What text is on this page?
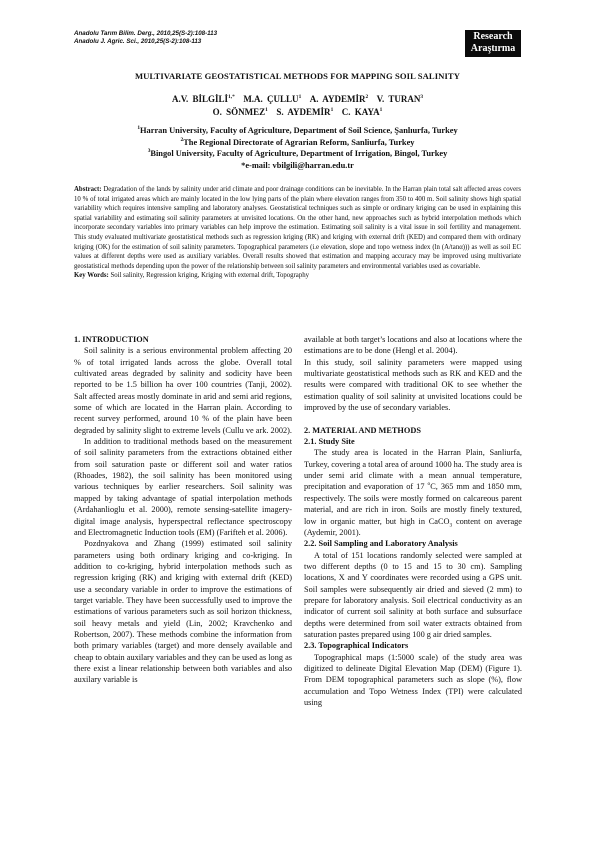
Anadolu Tarım Bilim. Derg., 2010,25(S-2):108-113
Anadolu J. Agric. Sci., 2010,25(S-2):108-113	Research
Araştırma
MULTIVARIATE GEOSTATISTICAL METHODS FOR MAPPING SOIL SALINITY
A.V. $BİLGİLİ^{1,*}$ M.A. ÇULLU$^1$ A. AYDEMİR$^2$ V. TURAN$^3$
O. SÖNMEZ$^1$ S. AYDEMİR$^1$ C. KAYA$^1$
$^1$Harran University, Faculty of Agriculture, Department of Soil Science, Şanlıurfa, Turkey
$^2$The Regional Directorate of Agrarian Reform, Sanliurfa, Turkey
$^3$Bingol University, Faculty of Agriculture, Department of Irrigation, Bingol, Turkey
*e-mail: vbilgili@harran.edu.tr
Abstract: Degradation of the lands by salinity under arid climate and poor drainage conditions can be inevitable. In the Harran plain total salt affected areas covers 10 % of total irrigated areas which are mainly located in the low lying parts of the plain where elevation ranges from 350 to 400 m. Soil salinity shows high spatial variability which requires intensive sampling and laboratory analyses. Geostatistical techniques such as simple or ordinary kriging can be used in explaining this spatial variability and estimating soil salinity parameters at unvisited locations. On the other hand, new approaches such as hybrid interpolation methods which incorporate secondary variables into primary variables can help improve the estimation. Estimating soil salinity is a vital issue in soil fertility and management. This study evaluated multivariate geostatistical methods such as regression kriging (RK) and kriging with external drift (KED) and compared them with ordinary kriging (OK) for the estimation of soil salinity parameters. Topographical parameters (i.e elevation, slope and topo wetness index (ln (A/tanα))) as well as soil EC values at different depths were used as auxiliary variables. Overall results showed that estimation and mapping accuracy may be improved using multivariate geostatistical methods depending upon the power of the relationship between soil salinity parameters and environmental variables used as covariable.
Key Words: Soil salinity, Regression kriging, Kriging with external drift, Topography
1. INTRODUCTION

Soil salinity is a serious environmental problem affecting 20 % of total irrigated lands across the globe. Overall total cultivated areas degraded by salinity and sodicity have been reported to be 1.5 billion ha over 100 countries (Tanji, 2002). Salt affected areas mostly dominate in arid and semi arid regions, some of which are located in the Harran plain. According to recent survey performed, around 10 % of the plain have been degraded by salinity slight to extreme levels (Cullu ve ark. 2002).

In addition to traditional methods based on the measurement of soil salinity parameters from the extractions obtained either from soil saturation paste or different soil and water ratios (Rhoades, 1982), the soil salinity has been monitored using various techniques by earlier researchers. Soil salinity was mapped by taking advantage of spatial interpolation methods (Ardahanlioglu et al. 2000), remote sensing-satellite imagery- digital image analysis, hyperspectral reflectance spectroscopy and Electromagnetic Induction tools (EM) (Farifteh et al. 2006).

Pozdnyakova and Zhang (1999) estimated soil salinity parameters using both ordinary kriging and co-kriging. In addition to co-kriging, hybrid interpolation methods such as regression kriging (RK) and kriging with external drift (KED) use a secondary variable in order to improve the estimations of target variable. They have been successfully used to improve the estimations of various parameters such as soil horizon thickness, soil heavy metals and yield (Lin, 2002; Kravchenko and Robertson, 2007). These methods combine the information from both primary variables (target) and more densely available and cheap to obtain auxilary variables and they can be used as long as there exist a linear relationship between both variables and also auxilary variable is

available at both target’s locations and also at locations where the estimations are to be done (Hengl et al. 2004).

In this study, soil salinity parameters were mapped using multivariate geostatistical methods such as RK and KED and the results were compared with traditional OK to see whether the estimation quality of soil salinity at unvisited locations could be improved by the use of secondary variables.

2. MATERIAL AND METHODS
2.1. Study Site

The study area is located in the Harran Plain, Sanliurfa, Turkey, covering a total area of around 1000 ha. The study area is under semi arid climate with a mean annual temperature, precipitation and evaporation of 17 $^o$C, 365 mm and 1850 mm, respectively. The soils were mostly formed on calcareous parent material, and are rich in iron. Soils are mostly finely textured, low in organic matter, but high in CaCO$_3$ content on average (Aydemir, 2001).

2.2. Soil Sampling and Laboratory Analysis

A total of 151 locations randomly selected were sampled at two different depths (0 to 15 and 15 to 30 cm). Sampling locations, X and Y coordinates were recorded using a GPS unit. Soil samples were subsequently air dried and sieved (2 mm) to prepare for laboratory analysis. Soil electrical conductivity as an indicator of current soil salinity at both surface and subsurface depths were determined from soil water extracts obtained from saturation pastes prepared using 100 g air dried samples.

2.3. Topographical Indicators

Topographical maps (1:5000 scale) of the study area was digitized to delineate Digital Elevation Map (DEM) (Figure 1). From DEM topographical parameters such as slope (%), flow accumulation and Topo Wetness Index (TPI) were calculated using
